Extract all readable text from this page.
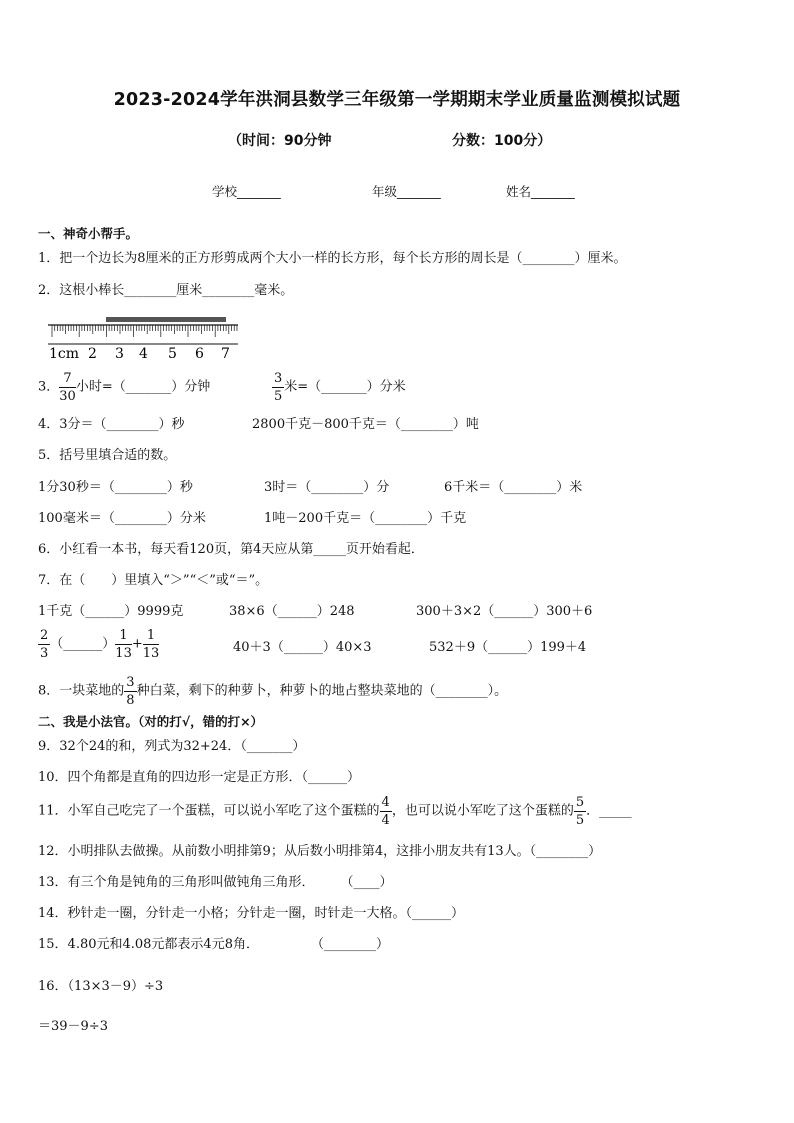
2023-2024学年洪洞县数学三年级第一学期期末学业质量监测模拟试题
（时间：90分钟	分数：100分）
学校_______	年级_______	姓名_______
一、神奇小帮手。
1．把一个边长为8厘米的正方形剪成两个大小一样的长方形，每个长方形的周长是（________）厘米。
2．这根小棒长________厘米________毫米。
1cm 2 3 4 5 6 7
3． $\frac{7}{30}$ 小时=（_______）分钟	$\frac{3}{5}$ 米=（_______）分米
4．3分＝（________）秒	2800千克－800千克＝（________）吨
5．括号里填合适的数。
1分30秒＝（________）秒	3时＝（________）分	6千米＝（________）米
100毫米＝（________）分米	1吨－200千克＝（________）千克
6．小红看一本书，每天看120页，第4天应从第_____页开始看起．
7．在（　　）里填入“＞”“＜”或“＝”。
1千克（______）9999克	38×6（______）248	300＋3×2（______）300＋6
$\frac{2}{3}$ （______） $\frac{1}{13} + \frac{1}{13}$	40＋3（______）40×3	532＋9（______）199＋4
8．一块菜地的 $\frac{3}{8}$ 种白菜，剩下的种萝卜，种萝卜的地占整块菜地的（________）。
二、我是小法官。（对的打√，错的打×）
9．32个24的和，列式为32+24．（_______）
10．四个角都是直角的四边形一定是正方形．（______）
11．小军自己吃完了一个蛋糕，可以说小军吃了这个蛋糕的 $\frac{4}{4}$ ，也可以说小军吃了这个蛋糕的 $\frac{5}{5}$ ．_____
12．小明排队去做操。从前数小明排第9；从后数小明排第4，这排小朋友共有13人。（________）
13．有三个角是钝角的三角形叫做钝角三角形．　　　（____）
14．秒针走一圈，分针走一小格；分针走一圈，时针走一大格。（______）
15．4.80元和4.08元都表示4元8角．　　　　　（________）
16．（13×3－9）÷3
＝39－9÷3
